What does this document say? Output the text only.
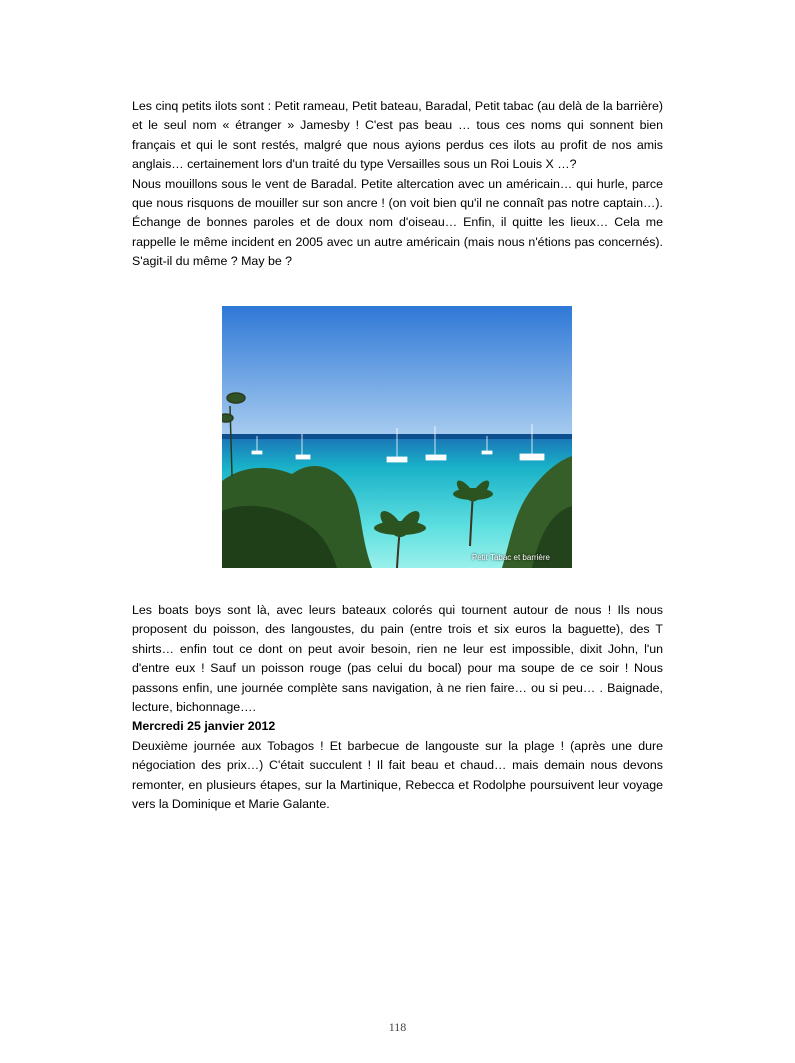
Les cinq petits ilots sont : Petit rameau, Petit bateau, Baradal, Petit tabac (au delà de la barrière) et le seul nom « étranger » Jamesby ! C'est pas beau … tous ces noms qui sonnent bien français et qui le sont restés, malgré que nous ayions perdus ces ilots au profit de nos amis anglais… certainement lors d'un traité du type Versailles sous un Roi Louis X …?
Nous mouillons sous le vent de Baradal. Petite altercation avec un américain… qui hurle, parce que nous risquons de mouiller sur son ancre ! (on voit bien qu'il ne connaît pas notre captain…). Échange de bonnes paroles et de doux nom d'oiseau… Enfin, il quitte les lieux… Cela me rappelle le même incident en 2005 avec un autre américain (mais nous n'étions pas concernés). S'agit-il du même ? May be ?
Petit Tabac et barrière
Les boats boys sont là, avec leurs bateaux colorés qui tournent autour de nous ! Ils nous proposent du poisson, des langoustes, du pain (entre trois et six euros la baguette), des T shirts… enfin tout ce dont on peut avoir besoin, rien ne leur est impossible, dixit John, l'un d'entre eux ! Sauf un poisson rouge (pas celui du bocal) pour ma soupe de ce soir ! Nous passons enfin, une journée complète sans navigation, à ne rien faire… ou si peu… . Baignade, lecture, bichonnage….
Mercredi 25 janvier 2012
Deuxième journée aux Tobagos ! Et barbecue de langouste sur la plage ! (après une dure négociation des prix…) C'était succulent ! Il fait beau et chaud… mais demain nous devons remonter, en plusieurs étapes, sur la Martinique, Rebecca et Rodolphe poursuivent leur voyage vers la Dominique et Marie Galante.
118
